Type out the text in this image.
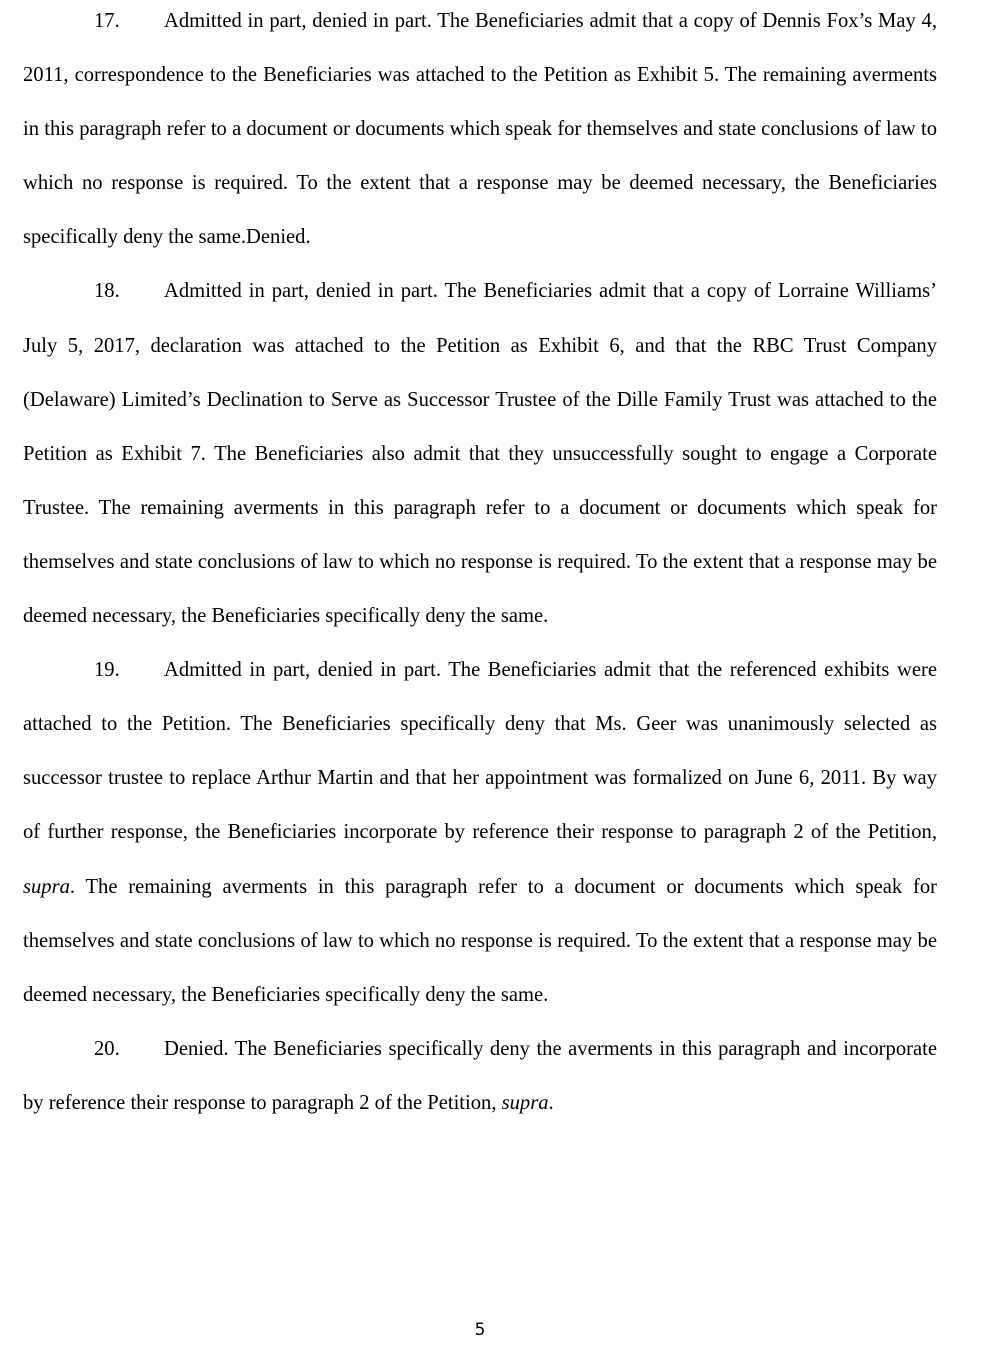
17. Admitted in part, denied in part. The Beneficiaries admit that a copy of Dennis Fox’s May 4, 2011, correspondence to the Beneficiaries was attached to the Petition as Exhibit 5. The remaining averments in this paragraph refer to a document or documents which speak for themselves and state conclusions of law to which no response is required. To the extent that a response may be deemed necessary, the Beneficiaries specifically deny the same.Denied.

18. Admitted in part, denied in part. The Beneficiaries admit that a copy of Lorraine Williams’ July 5, 2017, declaration was attached to the Petition as Exhibit 6, and that the RBC Trust Company (Delaware) Limited’s Declination to Serve as Successor Trustee of the Dille Family Trust was attached to the Petition as Exhibit 7. The Beneficiaries also admit that they unsuccessfully sought to engage a Corporate Trustee. The remaining averments in this paragraph refer to a document or documents which speak for themselves and state conclusions of law to which no response is required. To the extent that a response may be deemed necessary, the Beneficiaries specifically deny the same.

19. Admitted in part, denied in part. The Beneficiaries admit that the referenced exhibits were attached to the Petition. The Beneficiaries specifically deny that Ms. Geer was unanimously selected as successor trustee to replace Arthur Martin and that her appointment was formalized on June 6, 2011. By way of further response, the Beneficiaries incorporate by reference their response to paragraph 2 of the Petition, supra. The remaining averments in this paragraph refer to a document or documents which speak for themselves and state conclusions of law to which no response is required. To the extent that a response may be deemed necessary, the Beneficiaries specifically deny the same.

20. Denied. The Beneficiaries specifically deny the averments in this paragraph and incorporate by reference their response to paragraph 2 of the Petition, supra.

5
